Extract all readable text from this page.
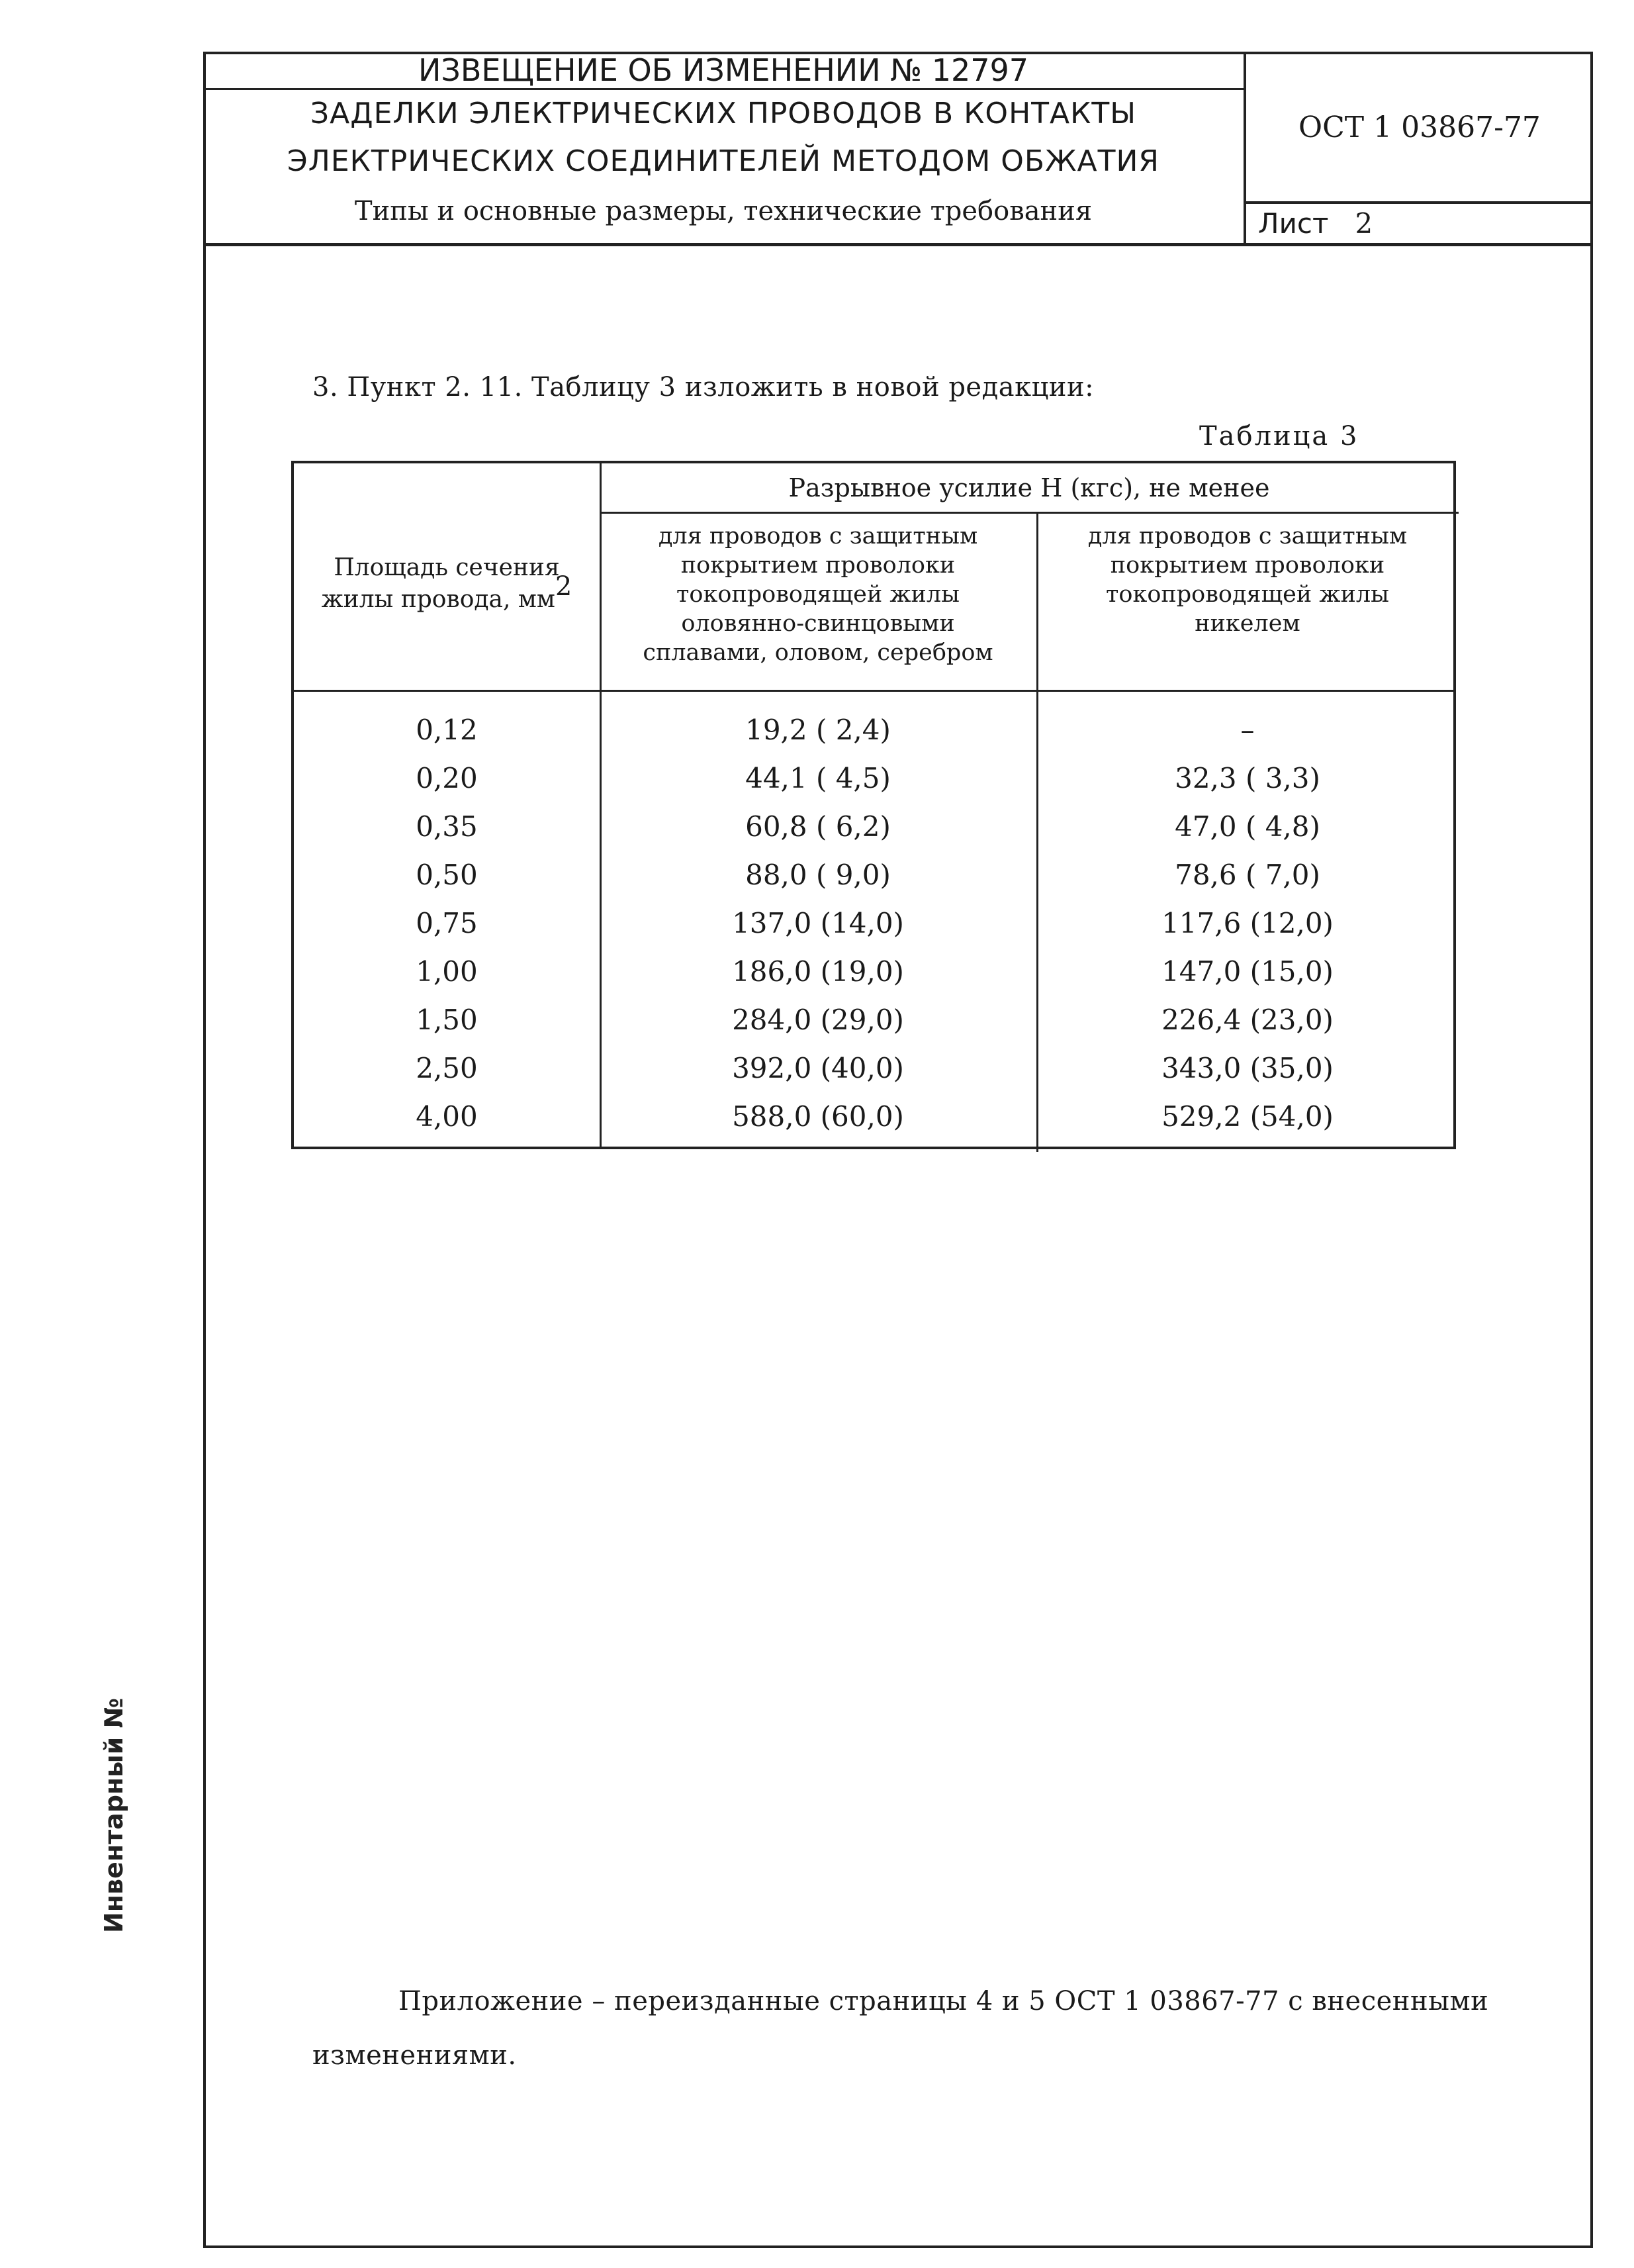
ИЗВЕЩЕНИЕ ОБ ИЗМЕНЕНИИ № 12797
ЗАДЕЛКИ ЭЛЕКТРИЧЕСКИХ ПРОВОДОВ В КОНТАКТЫ
ЭЛЕКТРИЧЕСКИХ СОЕДИНИТЕЛЕЙ МЕТОДОМ ОБЖАТИЯ
Типы и основные размеры, технические требования
ОСТ 1 03867-77
Лист 2
3. Пункт 2. 11. Таблицу 3 изложить в новой редакции:
Таблица 3
Площадь сечения
жилы провода, мм2
Разрывное усилие Н (кгс), не менее
для проводов с защитным
покрытием проволоки
токопроводящей жилы
оловянно-свинцовыми
сплавами, оловом, серебром
для проводов с защитным
покрытием проволоки
токопроводящей жилы
никелем
0,12	19,2 ( 2,4)	–
0,20	44,1 ( 4,5)	32,3 ( 3,3)
0,35	60,8 ( 6,2)	47,0 ( 4,8)
0,50	88,0 ( 9,0)	78,6 ( 7,0)
0,75	137,0 (14,0)	117,6 (12,0)
1,00	186,0 (19,0)	147,0 (15,0)
1,50	284,0 (29,0)	226,4 (23,0)
2,50	392,0 (40,0)	343,0 (35,0)
4,00	588,0 (60,0)	529,2 (54,0)
Приложение – переизданные страницы 4 и 5 ОСТ 1 03867-77 с внесенными изменениями.
Инвентарный №
